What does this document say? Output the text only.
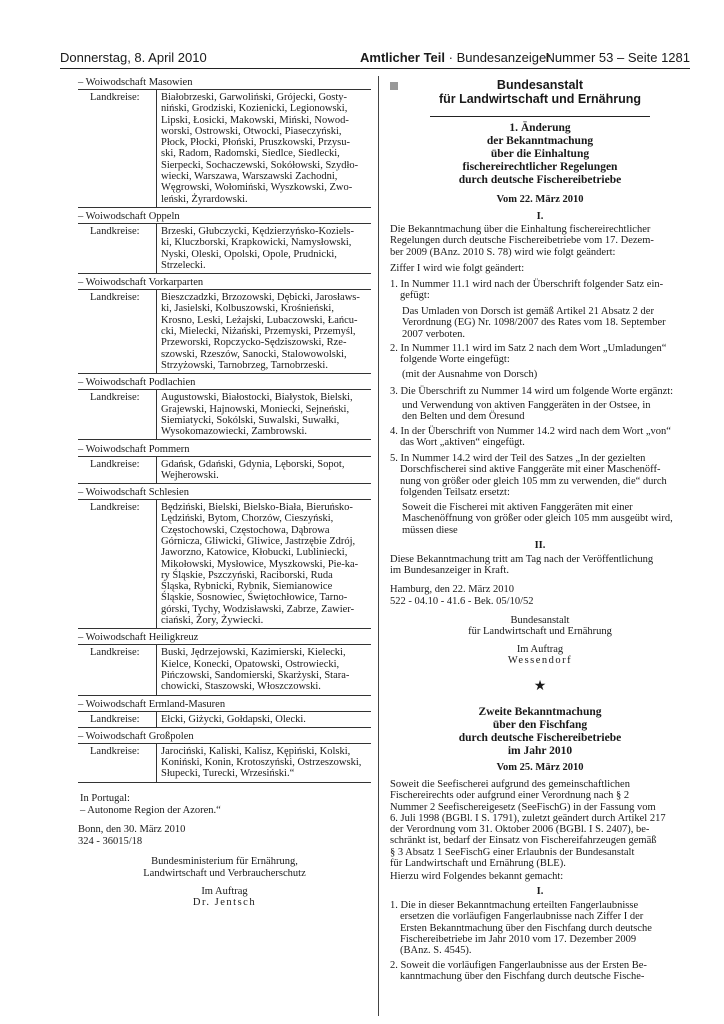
Donnerstag, 8. April 2010	Amtlicher Teil · Bundesanzeiger
Nummer 53 – Seite 1281
– Woiwodschaft Masowien
Landkreise: Białobrzeski, Garwoliński, Grójecki, Gosty-
niński, Grodziski, Kozienicki, Legionowski,
Lipski, Łosicki, Makowski, Miński, Nowod-
worski, Ostrowski, Otwocki, Piaseczyński,
Płock, Płocki, Płoński, Pruszkowski, Przysu-
ski, Radom, Radomski, Siedlce, Siedlecki,
Sierpecki, Sochaczewski, Sokółowski, Szydło-
wiecki, Warszawa, Warszawski Zachodni,
Węgrowski, Wołomiński, Wyszkowski, Zwo-
leński, Żyrardowski.
– Woiwodschaft Oppeln
Landkreise: Brzeski, Głubczycki, Kędzierzyńsko-Koziels-
ki, Kluczborski, Krapkowicki, Namysłowski,
Nyski, Oleski, Opolski, Opole, Prudnicki,
Strzelecki.
– Woiwodschaft Vorkarparten
Landkreise: Bieszczadzki, Brzozowski, Dębicki, Jarosławs-
ki, Jasielski, Kolbuszowski, Krośnieński,
Krosno, Leski, Leżajski, Lubaczowski, Łańcu-
cki, Mielecki, Niżański, Przemyski, Przemyśl,
Przeworski, Ropczycko-Sędziszowski, Rze-
szowski, Rzeszów, Sanocki, Stalowowolski,
Strzyżowski, Tarnobrzeg, Tarnobrzeski.
– Woiwodschaft Podlachien
Landkreise: Augustowski, Białostocki, Białystok, Bielski,
Grajewski, Hajnowski, Moniecki, Sejneński,
Siemiatycki, Sokólski, Suwalski, Suwałki,
Wysokomazowiecki, Zambrowski.
– Woiwodschaft Pommern
Landkreise: Gdańsk, Gdański, Gdynia, Lęborski, Sopot,
Wejherowski.
– Woiwodschaft Schlesien
Landkreise: Będziński, Bielski, Bielsko-Biała, Bieruńsko-
Lędziński, Bytom, Chorzów, Cieszyński,
Częstochowski, Częstochowa, Dąbrowa
Górnicza, Gliwicki, Gliwice, Jastrzębie Zdrój,
Jaworzno, Katowice, Kłobucki, Lubliniecki,
Mikołowski, Mysłowice, Myszkowski, Pie-ka-
ry Śląskie, Pszczyński, Raciborski, Ruda
Śląska, Rybnicki, Rybnik, Siemianowice
Śląskie, Sosnowiec, Świętochłowice, Tarno-
górski, Tychy, Wodzisławski, Zabrze, Zawier-
ciański, Żory, Żywiecki.
– Woiwodschaft Heiligkreuz
Landkreise: Buski, Jędrzejowski, Kazimierski, Kielecki,
Kielce, Konecki, Opatowski, Ostrowiecki,
Pińczowski, Sandomierski, Skarżyski, Stara-
chowicki, Staszowski, Włoszczowski.
– Woiwodschaft Ermland-Masuren
Landkreise: Ełcki, Giżycki, Gołdapski, Olecki.
– Woiwodschaft Großpolen
Landkreise: Jarociński, Kaliski, Kalisz, Kępiński, Kolski,
Koniński, Konin, Krotoszyński, Ostrzeszowski,
Słupecki, Turecki, Wrzesiński.“
In Portugal:
– Autonome Region der Azoren.“
Bonn, den 30. März 2010
324 - 36015/18
Bundesministerium für Ernährung,
Landwirtschaft und Verbraucherschutz
Im Auftrag
Dr. Jentsch
Bundesanstalt
für Landwirtschaft und Ernährung
1. Änderung
der Bekanntmachung
über die Einhaltung
fischereirechtlicher Regelungen
durch deutsche Fischereibetriebe
Vom 22. März 2010
I.
Die Bekanntmachung über die Einhaltung fischereirechtlicher
Regelungen durch deutsche Fischereibetriebe vom 17. Dezem-
ber 2009 (BAnz. 2010 S. 78) wird wie folgt geändert:
Ziffer I wird wie folgt geändert:
1. In Nummer 11.1 wird nach der Überschrift folgender Satz ein-
gefügt:
Das Umladen von Dorsch ist gemäß Artikel 21 Absatz 2 der
Verordnung (EG) Nr. 1098/2007 des Rates vom 18. September
2007 verboten.
2. In Nummer 11.1 wird im Satz 2 nach dem Wort „Umladungen“
folgende Worte eingefügt:
(mit der Ausnahme von Dorsch)
3. Die Überschrift zu Nummer 14 wird um folgende Worte ergänzt:
und Verwendung von aktiven Fanggeräten in der Ostsee, in
den Belten und dem Öresund
4. In der Überschrift von Nummer 14.2 wird nach dem Wort „von“
das Wort „aktiven“ eingefügt.
5. In Nummer 14.2 wird der Teil des Satzes „In der gezielten
Dorschfischerei sind aktive Fanggeräte mit einer Maschenöff-
nung von größer oder gleich 105 mm zu verwenden, die“ durch
folgenden Teilsatz ersetzt:
Soweit die Fischerei mit aktiven Fanggeräten mit einer
Maschenöffnung von größer oder gleich 105 mm ausgeübt wird,
müssen diese
II.
Diese Bekanntmachung tritt am Tag nach der Veröffentlichung
im Bundesanzeiger in Kraft.
Hamburg, den 22. März 2010
522 - 04.10 - 41.6 - Bek. 05/10/52
Bundesanstalt
für Landwirtschaft und Ernährung
Im Auftrag
Wessendorf
★
Zweite Bekanntmachung
über den Fischfang
durch deutsche Fischereibetriebe
im Jahr 2010
Vom 25. März 2010
Soweit die Seefischerei aufgrund des gemeinschaftlichen
Fischereirechts oder aufgrund einer Verordnung nach § 2
Nummer 2 Seefischereigesetz (SeeFischG) in der Fassung vom
6. Juli 1998 (BGBl. I S. 1791), zuletzt geändert durch Artikel 217
der Verordnung vom 31. Oktober 2006 (BGBl. I S. 2407), be-
schränkt ist, bedarf der Einsatz von Fischereifahrzeugen gemäß
§ 3 Absatz 1 SeeFischG einer Erlaubnis der Bundesanstalt
für Landwirtschaft und Ernährung (BLE).
Hierzu wird Folgendes bekannt gemacht:
I.
1. Die in dieser Bekanntmachung erteilten Fangerlaubnisse
ersetzen die vorläufigen Fangerlaubnisse nach Ziffer I der
Ersten Bekanntmachung über den Fischfang durch deutsche
Fischereibetriebe im Jahr 2010 vom 17. Dezember 2009
(BAnz. S. 4545).
2. Soweit die vorläufigen Fangerlaubnisse aus der Ersten Be-
kanntmachung über den Fischfang durch deutsche Fische-
